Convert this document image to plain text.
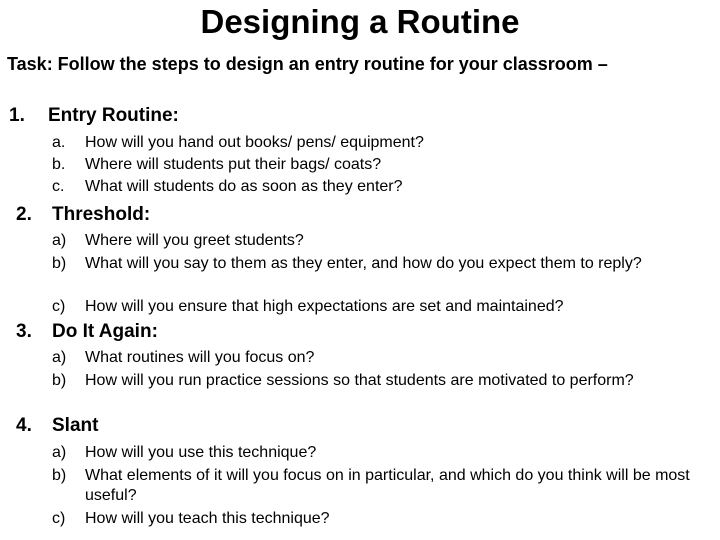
Designing a Routine
Task: Follow the steps to design an entry routine for your classroom –
1. Entry Routine:
a. How will you hand out books/ pens/ equipment?
b. Where will students put their bags/ coats?
c. What will students do as soon as they enter?
2. Threshold:
a) Where will you greet students?
b) What will you say to them as they enter, and how do you expect them to reply?
c) How will you ensure that high expectations are set and maintained?
3. Do It Again:
a) What routines will you focus on?
b) How will you run practice sessions so that students are motivated to perform?
4. Slant
a) How will you use this technique?
b) What elements of it will you focus on in particular, and which do you think will be most useful?
c) How will you teach this technique?
